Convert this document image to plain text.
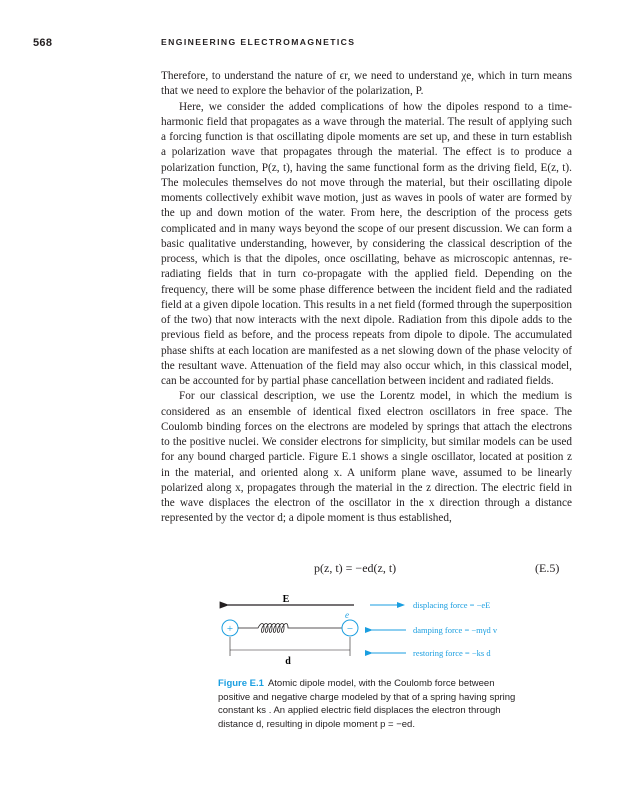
568	ENGINEERING ELECTROMAGNETICS

Therefore, to understand the nature of ϵr, we need to understand χe, which in turn means that we need to explore the behavior of the polarization, P.

Here, we consider the added complications of how the dipoles respond to a time-harmonic field that propagates as a wave through the material. The result of applying such a forcing function is that oscillating dipole moments are set up, and these in turn establish a polarization wave that propagates through the material. The effect is to produce a polarization function, P(z, t), having the same functional form as the driving field, E(z, t). The molecules themselves do not move through the material, but their oscillating dipole moments collectively exhibit wave motion, just as waves in pools of water are formed by the up and down motion of the water. From here, the description of the process gets complicated and in many ways beyond the scope of our present discussion. We can form a basic qualitative understanding, however, by considering the classical description of the process, which is that the dipoles, once oscillating, behave as microscopic antennas, re-radiating fields that in turn co-propagate with the applied field. Depending on the frequency, there will be some phase difference between the incident field and the radiated field at a given dipole location. This results in a net field (formed through the superposition of the two) that now interacts with the next dipole. Radiation from this dipole adds to the previous field as before, and the process repeats from dipole to dipole. The accumulated phase shifts at each location are manifested as a net slowing down of the phase velocity of the resultant wave. Attenuation of the field may also occur which, in this classical model, can be accounted for by partial phase cancellation between incident and radiated fields.

For our classical description, we use the Lorentz model, in which the medium is considered as an ensemble of identical fixed electron oscillators in free space. The Coulomb binding forces on the electrons are modeled by springs that attach the electrons to the positive nuclei. We consider electrons for simplicity, but similar models can be used for any bound charged particle. Figure E.1 shows a single oscillator, located at position z in the material, and oriented along x. A uniform plane wave, assumed to be linearly polarized along x, propagates through the material in the z direction. The electric field in the wave displaces the electron of the oscillator in the x direction through a distance represented by the vector d; a dipole moment is thus established,

p(z, t) = −ed(z, t)	(E.5)
E
e
+	−
d
displacing force = −eE
damping force = −mγd v
restoring force = −ks d
Figure E.1 Atomic dipole model, with the Coulomb force between positive and negative charge modeled by that of a spring having spring constant ks . An applied electric field displaces the electron through distance d, resulting in dipole moment p = −ed.
